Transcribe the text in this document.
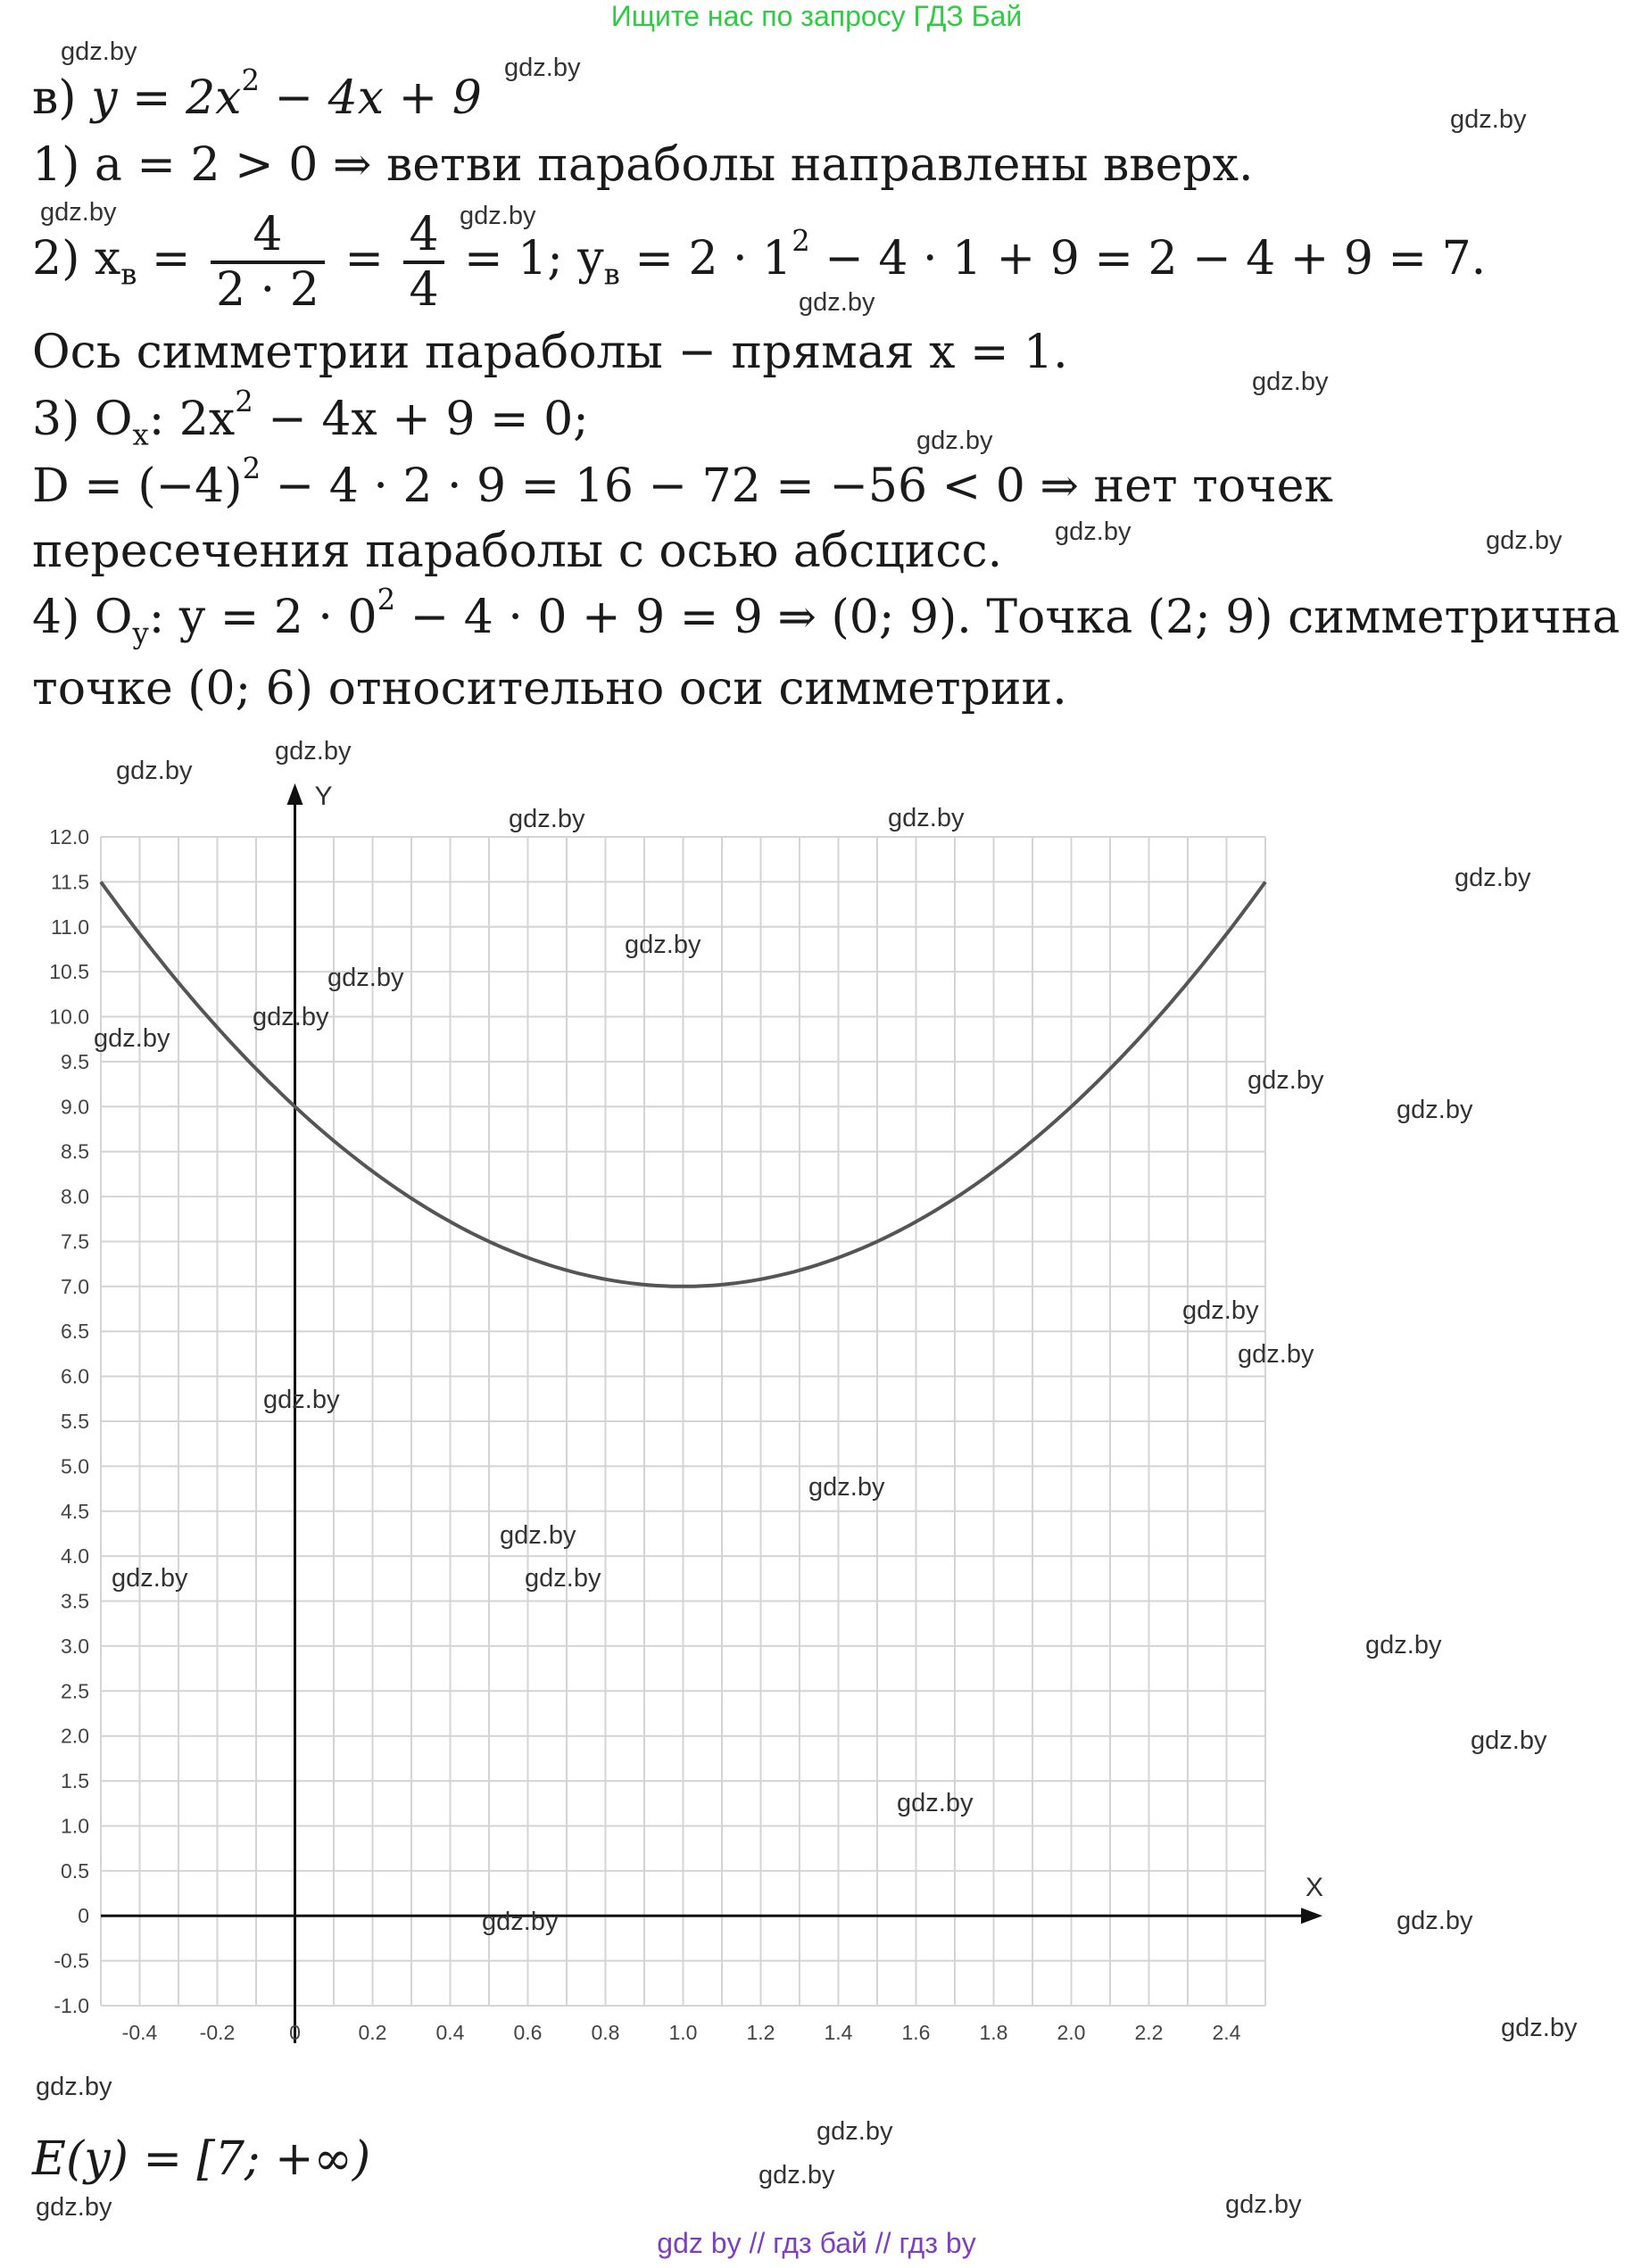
Ищите нас по запросу ГДЗ Бай
в) $y = 2x^2 - 4x + 9$
1) a = 2 > 0 ⇒ ветви параболы направлены вверх.
2) $x_в = \frac{4}{2 \cdot 2} = \frac{4}{4} = 1$; $y_в = 2 \cdot 1^2 - 4 \cdot 1 + 9 = 2 - 4 + 9 = 7$.
Ось симметрии параболы − прямая x = 1.
3) $O_x$: $2x^2 - 4x + 9 = 0$;
$D = (-4)^2 - 4 \cdot 2 \cdot 9 = 16 - 72 = -56 < 0$ ⇒ нет точек
пересечения параболы с осью абсцисс.
4) $O_y$: $y = 2 \cdot 0^2 - 4 \cdot 0 + 9 = 9$ ⇒ (0; 9). Точка (2; 9) симметрична
точке (0; 6) относительно оси симметрии.
X
Y
-0.4 -0.2	0	0.2 0.4 0.6 0.8 1.0 1.2 1.4 1.6 1.8 2.0 2.2 2.4
12.0
11.5
11.0
10.5
10.0
9.5
9.0
8.5
8.0
7.5
7.0
6.5
6.0
5.5
5.0
4.5
4.0
3.5
3.0
2.5
2.0
1.5
1.0
0.5
0
-0.5
-1.0
E(y) = [7; +∞)
gdz.by
gdz.by
gdz.by
gdz.by	gdz.by
gdz.by
gdz.by
gdz.by
gdz.by	gdz.by
gdz.by
gdz.by
gdz.by	gdz.by
gdz.by
gdz.by
gdz.by
gdz.by
gdz.by
gdz.by
gdz.by
gdz.by
gdz.by
gdz.by
gdz.by
gdz.by
gdz.by
gdz.by
gdz.by
gdz.by
gdz.by
gdz.by	gdz.by
gdz.by
gdz.by
gdz.by
gdz.by
gdz.by	gdz.by
gdz by // гдз бай // гдз by
